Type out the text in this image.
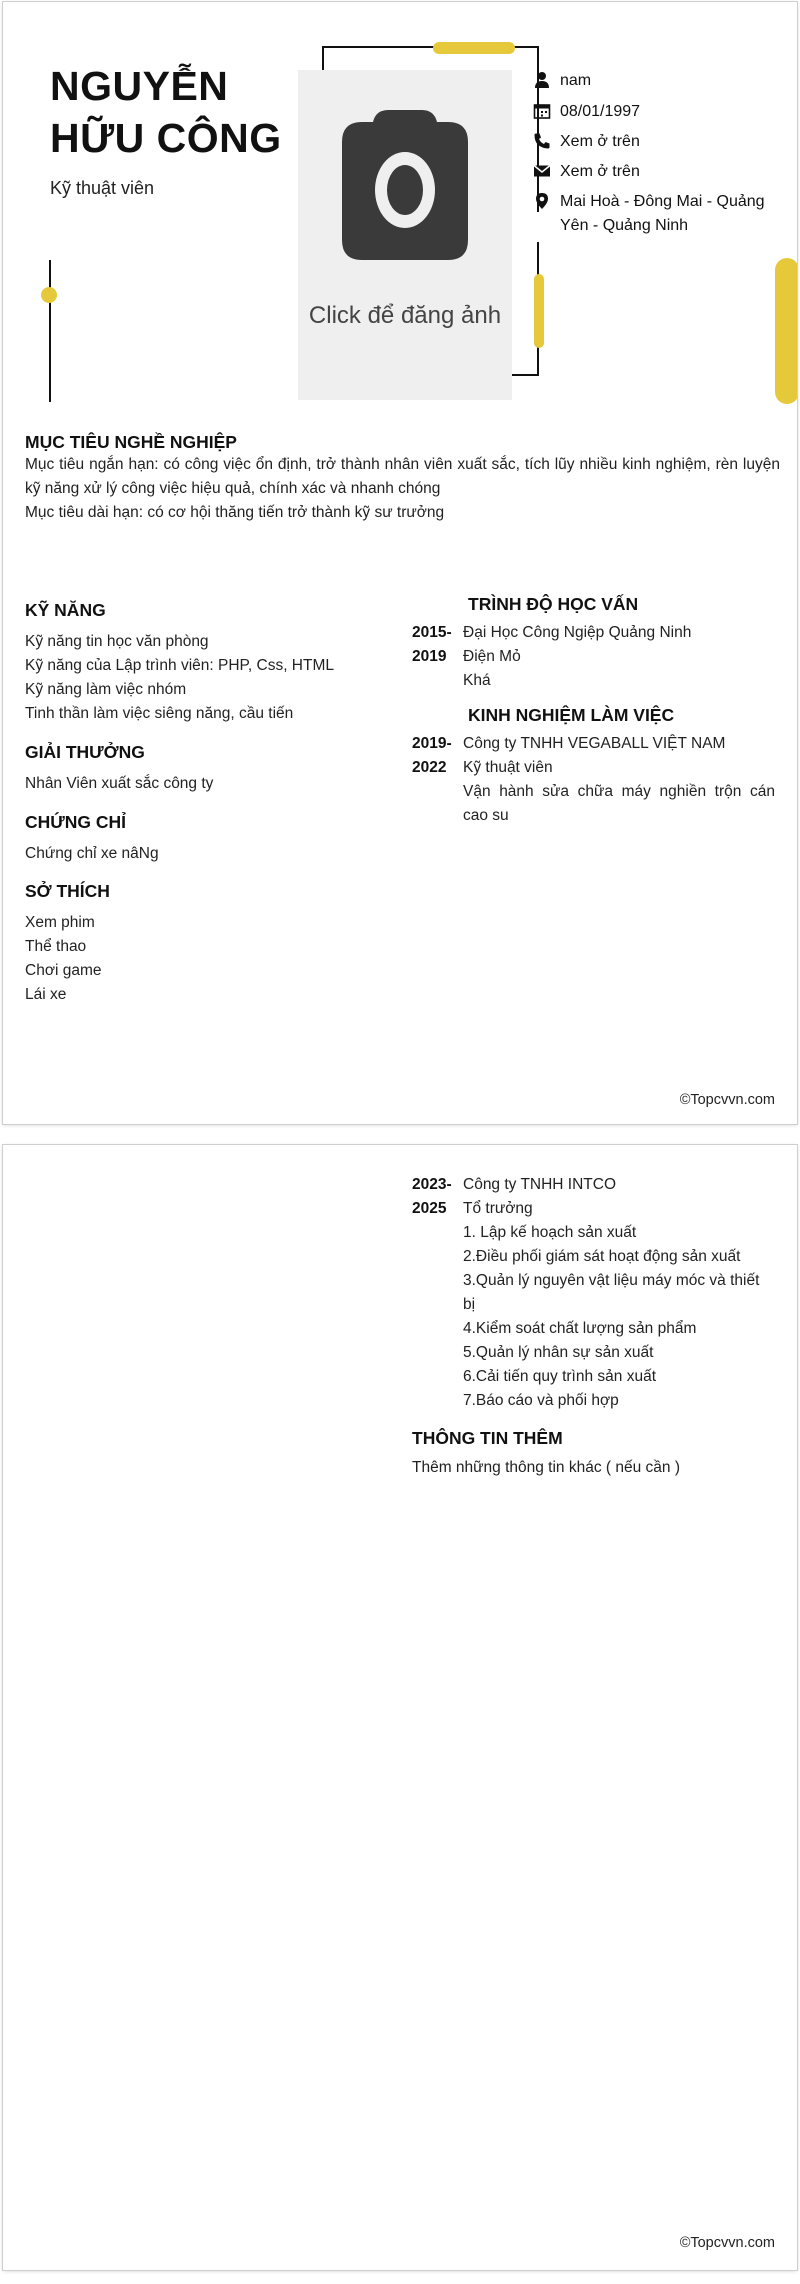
NGUYỄN
HỮU CÔNG
Kỹ thuật viên
Click để đăng ảnh
nam
08/01/1997
Xem ở trên
Xem ở trên
Mai Hoà - Đông Mai - Quảng
Yên - Quảng Ninh
MỤC TIÊU NGHỀ NGHIỆP
Mục tiêu ngắn hạn: có công việc ổn định, trở thành nhân viên xuất sắc, tích lũy nhiều kinh nghiệm, rèn luyện kỹ năng xử lý công việc hiệu quả, chính xác và nhanh chóng
Mục tiêu dài hạn: có cơ hội thăng tiến trở thành kỹ sư trưởng
KỸ NĂNG
Kỹ năng tin học văn phòng
Kỹ năng của Lập trình viên: PHP, Css, HTML
Kỹ năng làm việc nhóm
Tinh thần làm việc siêng năng, cầu tiến
GIẢI THƯỞNG
Nhân Viên xuất sắc công ty
CHỨNG CHỈ
Chứng chỉ xe nâNg
SỞ THÍCH
Xem phim
Thể thao
Chơi game
Lái xe
TRÌNH ĐỘ HỌC VẤN
2015-
2019
Đại Học Công Ngiệp Quảng Ninh
Điện Mỏ
Khá
KINH NGHIỆM LÀM VIỆC
2019-
2022
Công ty TNHH VEGABALL VIỆT NAM
Kỹ thuật viên
Vận hành sửa chữa máy nghiền trộn cán
cao su
©Topcvvn.com
2023-
2025
Công ty TNHH INTCO
Tổ trưởng
1. Lập kế hoạch sản xuất
2.Điều phối giám sát hoạt động sản xuất
3.Quản lý nguyên vật liệu máy móc và thiết
bị
4.Kiểm soát chất lượng sản phẩm
5.Quản lý nhân sự sản xuất
6.Cải tiến quy trình sản xuất
7.Báo cáo và phối hợp
THÔNG TIN THÊM
Thêm những thông tin khác ( nếu cần )
©Topcvvn.com
